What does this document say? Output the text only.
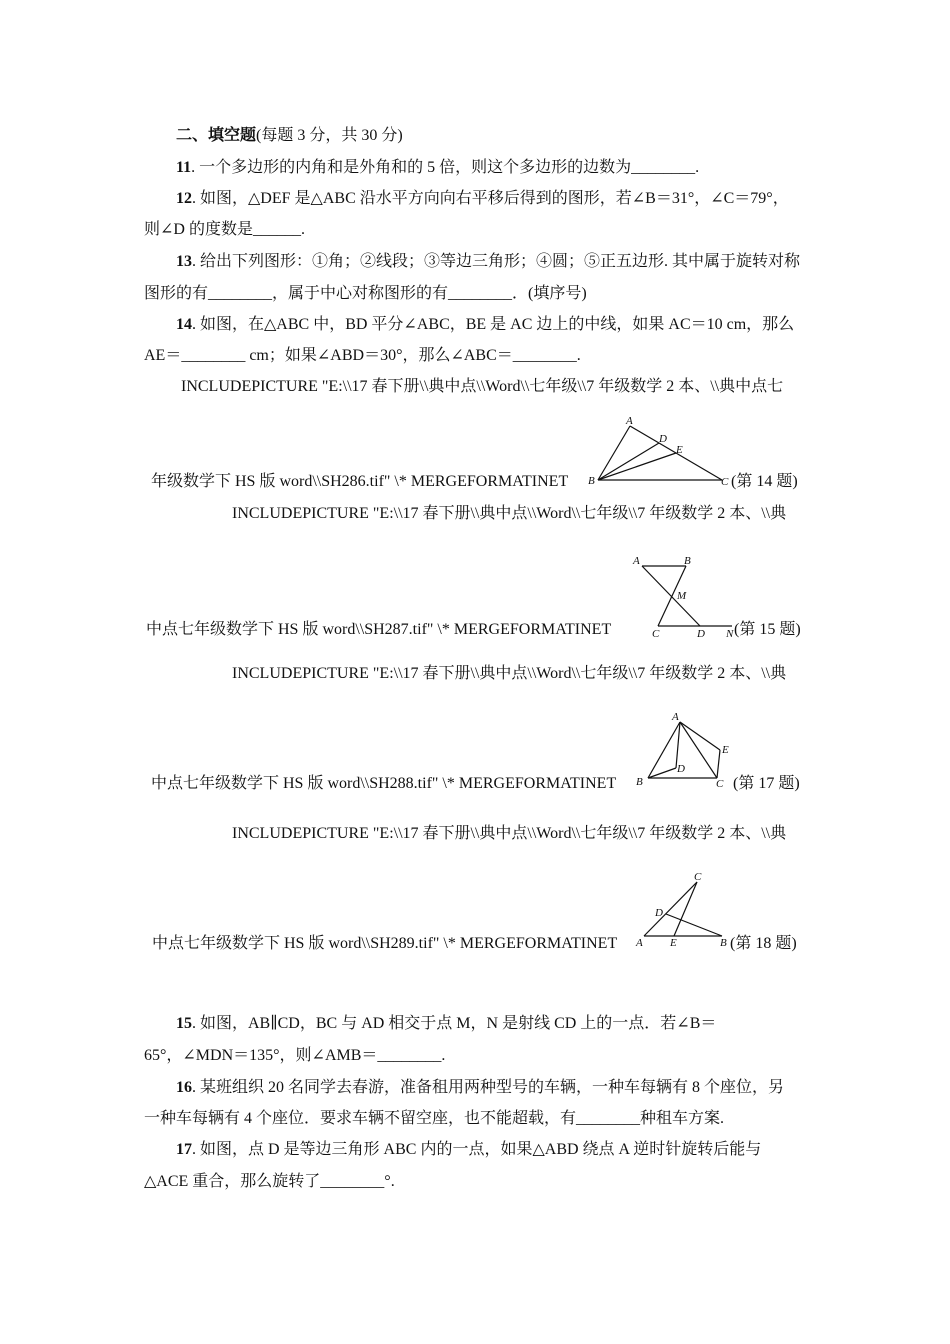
二、填空题(每题 3 分，共 30 分)
11. 一个多边形的内角和是外角和的 5 倍，则这个多边形的边数为________.
12. 如图，△DEF 是△ABC 沿水平方向向右平移后得到的图形，若∠B＝31°，∠C＝79°，
则∠D 的度数是______.
13. 给出下列图形：①角；②线段；③等边三角形；④圆；⑤正五边形. 其中属于旋转对称
图形的有________，属于中心对称图形的有________．(填序号)
14. 如图，在△ABC 中，BD 平分∠ABC，BE 是 AC 边上的中线，如果 AC＝10 cm，那么
AE＝________ cm；如果∠ABD＝30°，那么∠ABC＝________.
INCLUDEPICTURE "E:\\17 春下册\\典中点\\Word\\七年级\\7 年级数学 2 本、\\典中点七
年级数学下 HS 版 word\\SH286.tif" \* MERGEFORMATINET
A
B	C
D
E
(第 14 题)
INCLUDEPICTURE "E:\\17 春下册\\典中点\\Word\\七年级\\7 年级数学 2 本、\\典
中点七年级数学下 HS 版 word\\SH287.tif" \* MERGEFORMATINET
A	B
M
C	D N (第 15 题)
INCLUDEPICTURE "E:\\17 春下册\\典中点\\Word\\七年级\\7 年级数学 2 本、\\典
中点七年级数学下 HS 版 word\\SH288.tif" \* MERGEFORMATINET
A
B	C
D
E
(第 17 题)
INCLUDEPICTURE "E:\\17 春下册\\典中点\\Word\\七年级\\7 年级数学 2 本、\\典
中点七年级数学下 HS 版 word\\SH289.tif" \* MERGEFORMATINET
C
D
A E	B (第 18 题)
15. 如图，AB∥CD，BC 与 AD 相交于点 M，N 是射线 CD 上的一点．若∠B＝
65°，∠MDN＝135°，则∠AMB＝________.
16. 某班组织 20 名同学去春游，准备租用两种型号的车辆，一种车每辆有 8 个座位，另
一种车每辆有 4 个座位．要求车辆不留空座，也不能超载，有________种租车方案.
17. 如图，点 D 是等边三角形 ABC 内的一点，如果△ABD 绕点 A 逆时针旋转后能与
△ACE 重合，那么旋转了________°.
